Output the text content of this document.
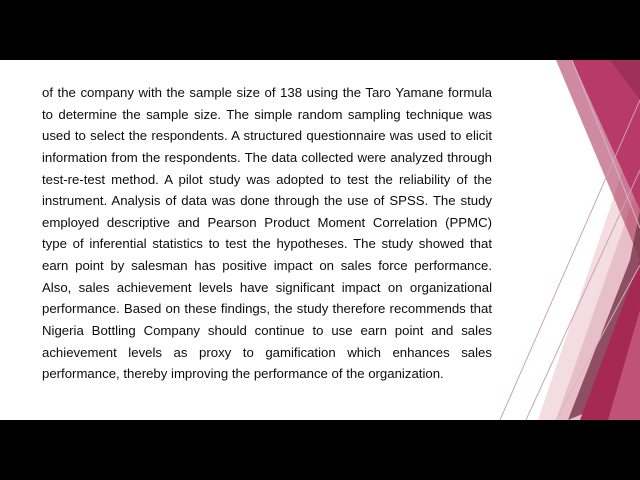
of the company with the sample size of 138 using the Taro Yamane formula to determine the sample size. The simple random sampling technique was used to select the respondents. A structured questionnaire was used to elicit information from the respondents. The data collected were analyzed through test-re-test method. A pilot study was adopted to test the reliability of the instrument. Analysis of data was done through the use of SPSS. The study employed descriptive and Pearson Product Moment Correlation (PPMC) type of inferential statistics to test the hypotheses. The study showed that earn point by salesman has positive impact on sales force performance. Also, sales achievement levels have significant impact on organizational performance. Based on these findings, the study therefore recommends that Nigeria Bottling Company should continue to use earn point and sales achievement levels as proxy to gamification which enhances sales performance, thereby improving the performance of the organization.
